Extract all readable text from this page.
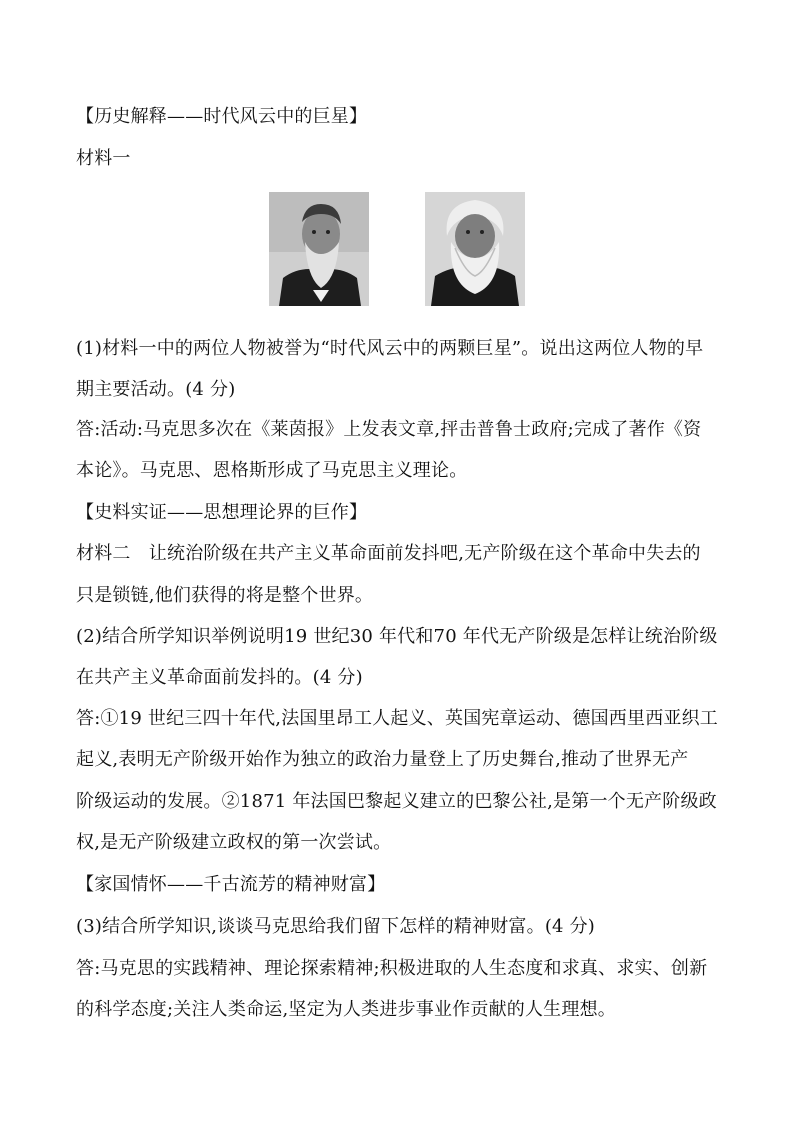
【历史解释——时代风云中的巨星】
材料一
(1)材料一中的两位人物被誉为“时代风云中的两颗巨星”。说出这两位人物的早
期主要活动。(4 分)
答:活动:马克思多次在《莱茵报》上发表文章,抨击普鲁士政府;完成了著作《资
本论》。马克思、恩格斯形成了马克思主义理论。
【史料实证——思想理论界的巨作】
材料二　让统治阶级在共产主义革命面前发抖吧,无产阶级在这个革命中失去的
只是锁链,他们获得的将是整个世界。
(2)结合所学知识举例说明19 世纪30 年代和70 年代无产阶级是怎样让统治阶级
在共产主义革命面前发抖的。(4 分)
答:①19 世纪三四十年代,法国里昂工人起义、英国宪章运动、德国西里西亚织工
起义,表明无产阶级开始作为独立的政治力量登上了历史舞台,推动了世界无产
阶级运动的发展。②1871 年法国巴黎起义建立的巴黎公社,是第一个无产阶级政
权,是无产阶级建立政权的第一次尝试。
【家国情怀——千古流芳的精神财富】
(3)结合所学知识,谈谈马克思给我们留下怎样的精神财富。(4 分)
答:马克思的实践精神、理论探索精神;积极进取的人生态度和求真、求实、创新
的科学态度;关注人类命运,坚定为人类进步事业作贡献的人生理想。
